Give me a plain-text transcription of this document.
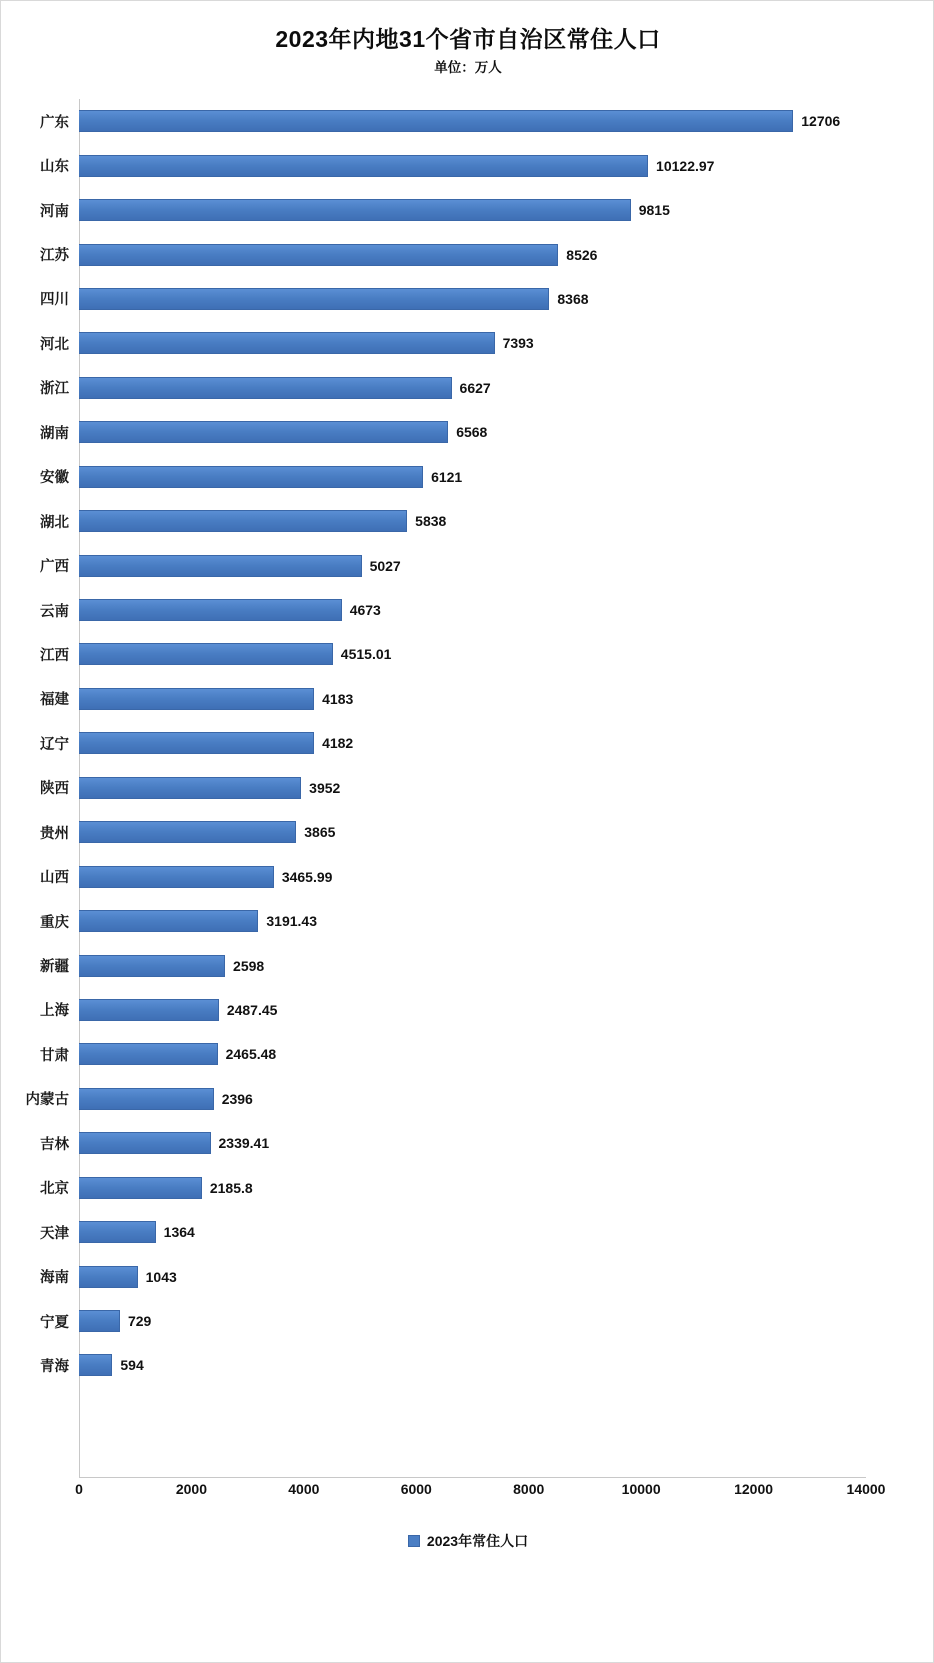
2023年内地31个省市自治区常住人口
单位：万人
广东	12706
山东	10122.97
河南	9815
江苏	8526
四川	8368
河北	7393
浙江	6627
湖南	6568
安徽	6121
湖北	5838
广西	5027
云南	4673
江西	4515.01
福建	4183
辽宁	4182
陕西	3952
贵州	3865
山西	3465.99
重庆	3191.43
新疆	2598
上海	2487.45
甘肃	2465.48
内蒙古	2396
吉林	2339.41
北京	2185.8
天津	1364
海南	1043
宁夏	729
青海	594
0	2000	4000	6000	8000	10000	12000	14000
2023年常住人口
